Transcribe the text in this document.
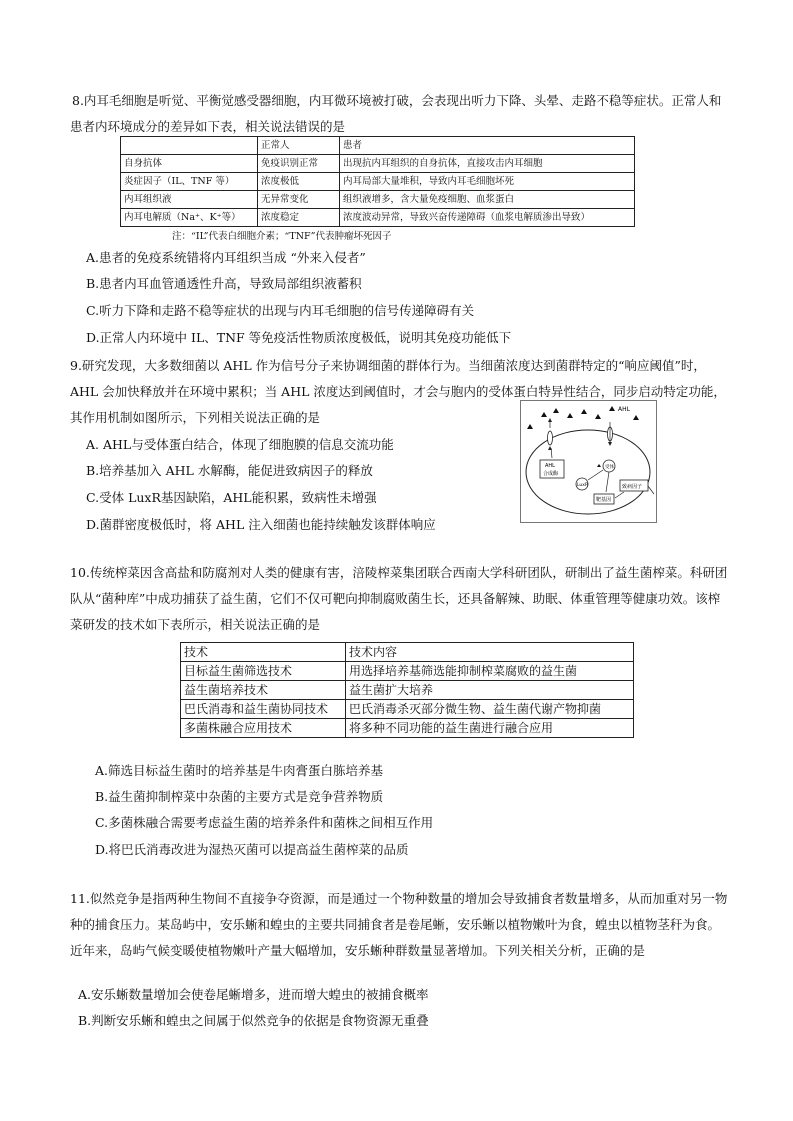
8.内耳毛细胞是听觉、平衡觉感受器细胞，内耳微环境被打破，会表现出听力下降、头晕、走路不稳等症状。正常人和患者内环境成分的差异如下表，相关说法错误的是

	正常人	患者
自身抗体	免疫识别正常	出现抗内耳组织的自身抗体，直接攻击内耳细胞
炎症因子（IL、TNF 等）	浓度极低	内耳局部大量堆积，导致内耳毛细胞坏死
内耳组织液	无异常变化	组织液增多，含大量免疫细胞、血浆蛋白
内耳电解质（Na⁺、K⁺等）	浓度稳定	浓度波动异常，导致兴奋传递障碍（血浆电解质渗出导致）
注：“IL”代表白细胞介素；“TNF”代表肿瘤坏死因子
A.患者的免疫系统错将内耳组织当成 “外来入侵者”
B.患者内耳血管通透性升高，导致局部组织液蓄积
C.听力下降和走路不稳等症状的出现与内耳毛细胞的信号传递障碍有关
D.正常人内环境中 IL、TNF 等免疫活性物质浓度极低，说明其免疫功能低下

9.研究发现，大多数细菌以 AHL 作为信号分子来协调细菌的群体行为。当细菌浓度达到菌群特定的“响应阈值”时，AHL 会加快释放并在环境中累积；当 AHL 浓度达到阈值时，才会与胞内的受体蛋白特异性结合，同步启动特定功能，其作用机制如图所示，下列相关说法正确的是

A. AHL与受体蛋白结合，体现了细胞膜的信息交流功能
B.培养基加入 AHL 水解酶，能促进致病因子的释放
C.受体 LuxR基因缺陷，AHL能积累，致病性未增强
D.菌群密度极低时，将 AHL 注入细菌也能持续触发该群体响应
AHL
AHL
合成酶
LuxR
受体
靶基因
致病因子

10.传统榨菜因含高盐和防腐剂对人类的健康有害，涪陵榨菜集团联合西南大学科研团队，研制出了益生菌榨菜。科研团队从“菌种库”中成功捕获了益生菌，它们不仅可靶向抑制腐败菌生长，还具备解辣、助眠、体重管理等健康功效。该榨菜研发的技术如下表所示，相关说法正确的是

技术	技术内容
目标益生菌筛选技术	用选择培养基筛选能抑制榨菜腐败的益生菌
益生菌培养技术	益生菌扩大培养
巴氏消毒和益生菌协同技术	巴氏消毒杀灭部分微生物、益生菌代谢产物抑菌
多菌株融合应用技术	将多种不同功能的益生菌进行融合应用
A.筛选目标益生菌时的培养基是牛肉膏蛋白胨培养基
B.益生菌抑制榨菜中杂菌的主要方式是竞争营养物质
C.多菌株融合需要考虑益生菌的培养条件和菌株之间相互作用
D.将巴氏消毒改进为湿热灭菌可以提高益生菌榨菜的品质

11.似然竞争是指两种生物间不直接争夺资源，而是通过一个物种数量的增加会导致捕食者数量增多，从而加重对另一物种的捕食压力。某岛屿中，安乐蜥和蝗虫的主要共同捕食者是卷尾蜥，安乐蜥以植物嫩叶为食，蝗虫以植物茎秆为食。近年来，岛屿气候变暖使植物嫩叶产量大幅增加，安乐蜥种群数量显著增加。下列关相关分析，正确的是

A.安乐蜥数量增加会使卷尾蜥增多，进而增大蝗虫的被捕食概率
B.判断安乐蜥和蝗虫之间属于似然竞争的依据是食物资源无重叠
